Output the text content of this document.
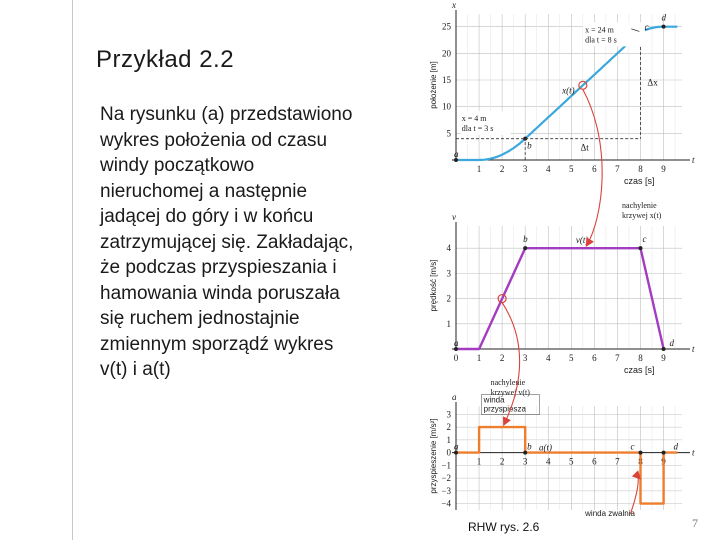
Przykład 2.2
Na rysunku (a) przedstawiono
wykres położenia od czasu
windy początkowo
nieruchomej a następnie
jadącej do góry i w końcu
zatrzymującej się. Zakładając,
że podczas przyspieszania i
hamowania winda poruszała
się ruchem jednostajnie
zmiennym sporządź wykres
v(t) i a(t)
x
t
5
10
15
20
25
1 2 3 4 5 6 7 8 9
położenie [m]
czas [s]
x(t)
a
b
c
d
x = 24 m
dla t = 8 s
x = 4 m
dla t = 3 s
Δx
Δt
nachylenie
krzywej x(t)
v
t
1
2
3
4
0 1 2 3 4 5 6 7 8 9
prędkość [m/s]
czas [s]
v(t)
a
b	c
d
nachylenie
krzywej v(t)
a
t
3
2
1
0
−1
−2
−3
−4
1 2 3 4 5 6 7 8 9
przyspieszenie [m/s²]	a(t)
a	b	c	d
winda
przyspiesza
winda zwalnia
RHW rys. 2.6	7
